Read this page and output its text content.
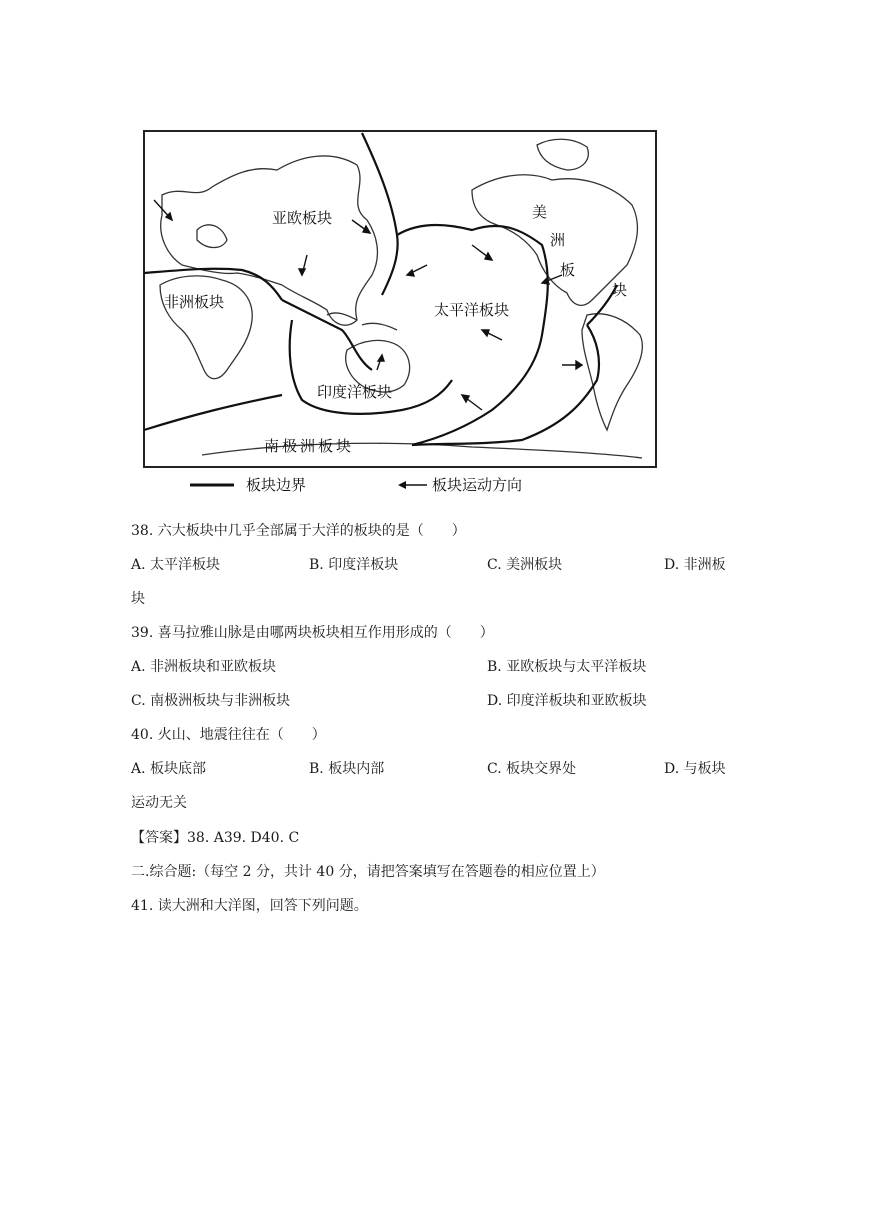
亚欧板块
非洲板块	太平洋板块
印度洋板块
南极洲板块
美
洲
板
块
板块边界	板块运动方向
38. 六大板块中几乎全部属于大洋的板块的是（　　）
A. 太平洋板块	B. 印度洋板块	C. 美洲板块	D. 非洲板
块
39. 喜马拉雅山脉是由哪两块板块相互作用形成的（　　）
A. 非洲板块和亚欧板块	B. 亚欧板块与太平洋板块
C. 南极洲板块与非洲板块	D. 印度洋板块和亚欧板块
40. 火山、地震往往在（　　）
A. 板块底部	B. 板块内部	C. 板块交界处	D. 与板块
运动无关
【答案】38. A39. D40. C
二.综合题:（每空 2 分，共计 40 分，请把答案填写在答题卷的相应位置上）
41. 读大洲和大洋图，回答下列问题。
